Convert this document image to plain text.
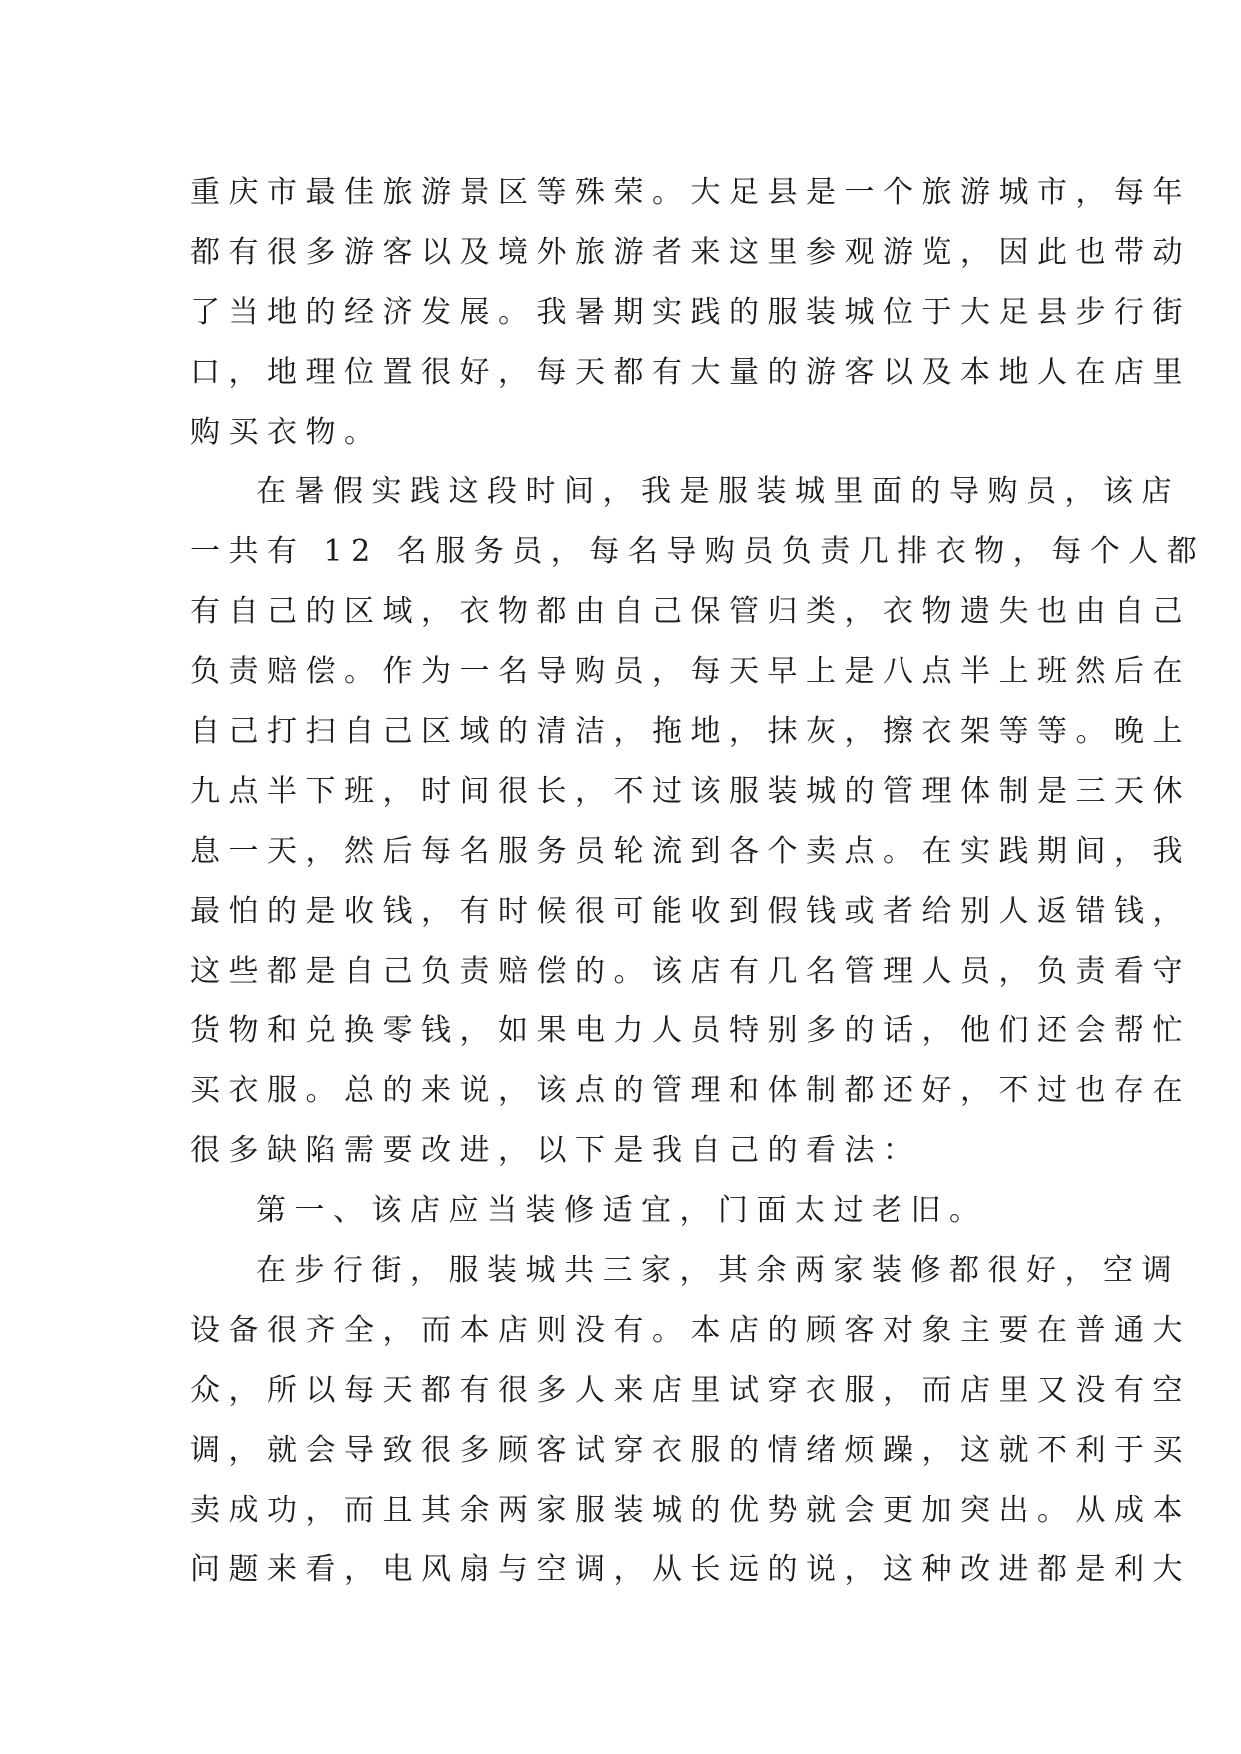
重庆市最佳旅游景区等殊荣。大足县是一个旅游城市，每年
都有很多游客以及境外旅游者来这里参观游览，因此也带动
了当地的经济发展。我暑期实践的服装城位于大足县步行街
口，地理位置很好，每天都有大量的游客以及本地人在店里
购买衣物。
在暑假实践这段时间，我是服装城里面的导购员，该店
一共有 12 名服务员，每名导购员负责几排衣物，每个人都
有自己的区域，衣物都由自己保管归类，衣物遗失也由自己
负责赔偿。作为一名导购员，每天早上是八点半上班然后在
自己打扫自己区域的清洁，拖地，抹灰，擦衣架等等。晚上
九点半下班，时间很长，不过该服装城的管理体制是三天休
息一天，然后每名服务员轮流到各个卖点。在实践期间，我
最怕的是收钱，有时候很可能收到假钱或者给别人返错钱，
这些都是自己负责赔偿的。该店有几名管理人员，负责看守
货物和兑换零钱，如果电力人员特别多的话，他们还会帮忙
买衣服。总的来说，该点的管理和体制都还好，不过也存在
很多缺陷需要改进，以下是我自己的看法：
第一、该店应当装修适宜，门面太过老旧。
在步行街，服装城共三家，其余两家装修都很好，空调
设备很齐全，而本店则没有。本店的顾客对象主要在普通大
众，所以每天都有很多人来店里试穿衣服，而店里又没有空
调，就会导致很多顾客试穿衣服的情绪烦躁，这就不利于买
卖成功，而且其余两家服装城的优势就会更加突出。从成本
问题来看，电风扇与空调，从长远的说，这种改进都是利大
